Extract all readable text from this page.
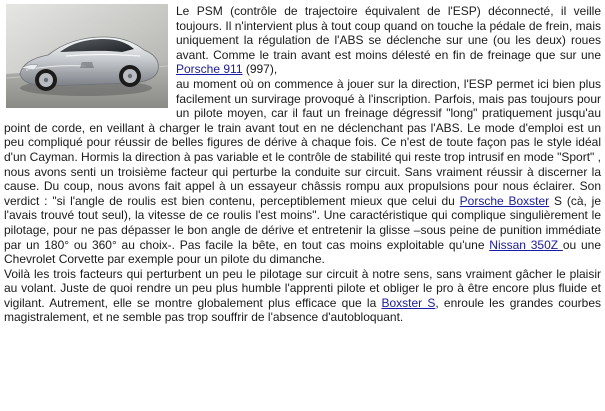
Le PSM (contrôle de trajectoire équivalent de l'ESP) déconnecté, il veille toujours. Il n'intervient plus à tout coup quand on touche la pédale de frein, mais uniquement la régulation de l'ABS se déclenche sur une (ou les deux) roues avant. Comme le train avant est moins délesté en fin de freinage que sur une Porsche 911 (997),
au moment où on commence à jouer sur la direction, l'ESP permet ici bien plus facilement un survirage provoqué à l'inscription. Parfois, mais pas toujours pour un pilote moyen, car il faut un freinage dégressif "long" pratiquement jusqu'au point de corde, en veillant à charger le train avant tout en ne déclenchant pas l'ABS. Le mode d'emploi est un peu compliqué pour réussir de belles figures de dérive à chaque fois. Ce n'est de toute façon pas le style idéal d'un Cayman. Hormis la direction à pas variable et le contrôle de stabilité qui reste trop intrusif en mode "Sport" , nous avons senti un troisième facteur qui perturbe la conduite sur circuit. Sans vraiment réussir à discerner la cause. Du coup, nous avons fait appel à un essayeur châssis rompu aux propulsions pour nous éclairer. Son verdict : "si l'angle de roulis est bien contenu, perceptiblement mieux que celui du Porsche Boxster S (cà, je l'avais trouvé tout seul), la vitesse de ce roulis l'est moins". Une caractéristique qui complique singulièrement le pilotage, pour ne pas dépasser le bon angle de dérive et entretenir la glisse –sous peine de punition immédiate par un 180° ou 360° au choix-. Pas facile la bête, en tout cas moins exploitable qu'une Nissan 350Z ou une Chevrolet Corvette par exemple pour un pilote du dimanche.
Voilà les trois facteurs qui perturbent un peu le pilotage sur circuit à notre sens, sans vraiment gâcher le plaisir au volant. Juste de quoi rendre un peu plus humble l'apprenti pilote et obliger le pro à être encore plus fluide et vigilant. Autrement, elle se montre globalement plus efficace que la Boxster S, enroule les grandes courbes magistralement, et ne semble pas trop souffrir de l'absence d'autobloquant.
